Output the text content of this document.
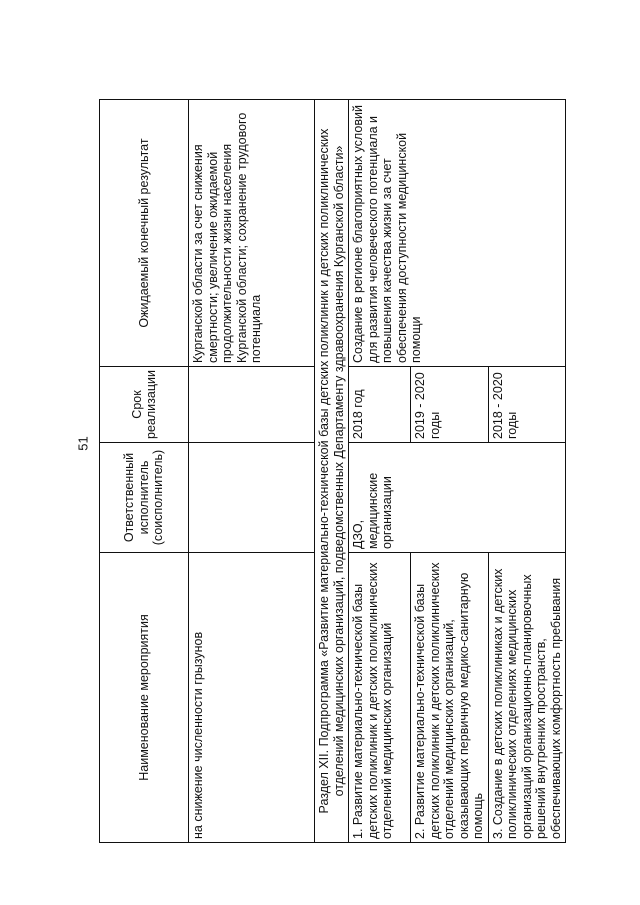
51
Наименование мероприятия	Ответственный исполнитель (соисполнитель)	Срок реализации	Ожидаемый конечный результат
на снижение численности грызунов			Курганской области за счет снижения смертности; увеличение ожидаемой продолжительности жизни населения Курганской области; сохранение трудового потенциала
Раздел XII. Подпрограмма «Развитие материально-технической базы детских поликлиник и детских поликлинических отделений медицинских организаций, подведомственных Департаменту здравоохранения Курганской области»			
1. Развитие материально-технической базы детских поликлиник и детских поликлинических отделений медицинских организаций	ДЗО, медицинские организации	2018 год	Создание в регионе благоприятных условий для развития человеческого потенциала и повышения качества жизни за счет обеспечения доступности медицинской помощи
2. Развитие материально-технической базы детских поликлиник и детских поликлинических отделений медицинских организаций, оказывающих первичную медико-санитарную помощь		2019 - 2020 годы	
3. Создание в детских поликлиниках и детских поликлинических отделениях медицинских организаций организационно-планировочных решений внутренних пространств, обеспечивающих комфортность пребывания		2018 - 2020 годы	
